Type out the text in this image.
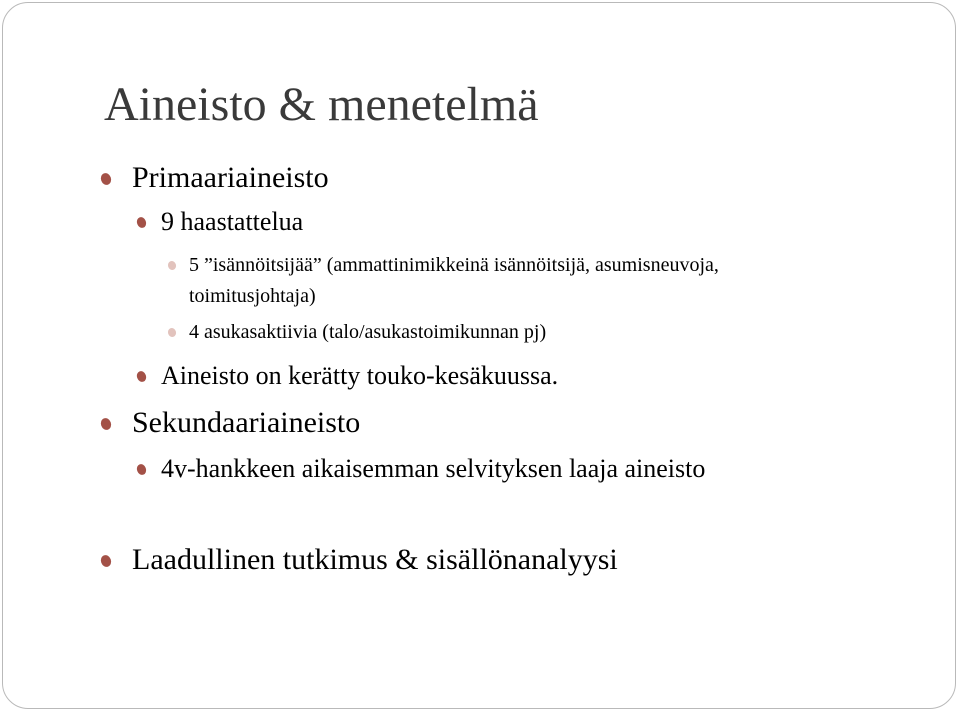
Aineisto & menetelmä
Primaariaineisto
9 haastattelua
5 ”isännöitsijää” (ammattinimikkeinä isännöitsijä, asumisneuvoja,
toimitusjohtaja)
4 asukasaktiivia (talo/asukastoimikunnan pj)
Aineisto on kerätty touko-kesäkuussa.
Sekundaariaineisto
4v-hankkeen aikaisemman selvityksen laaja aineisto
Laadullinen tutkimus & sisällönanalyysi
